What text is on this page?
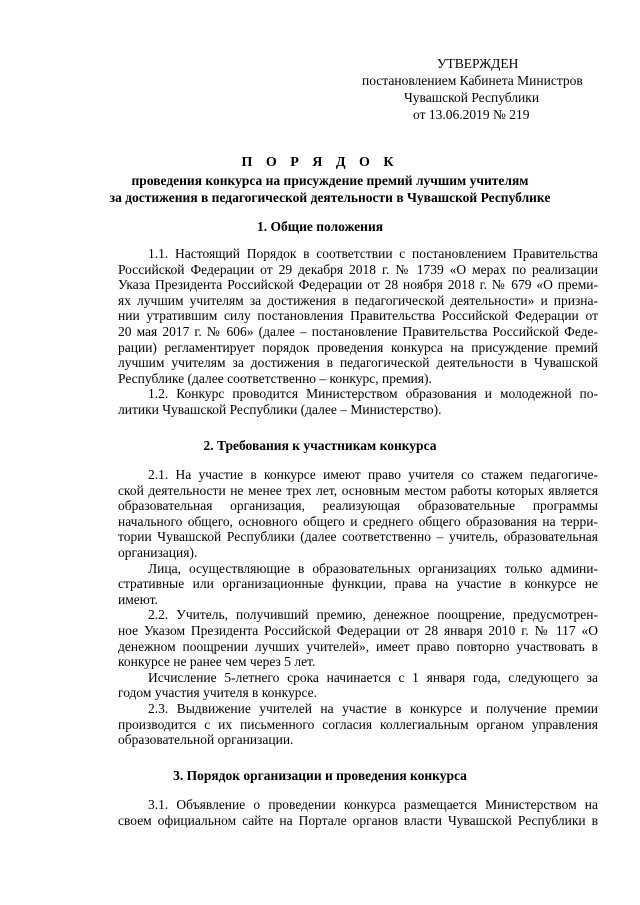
УТВЕРЖДЕН
постановлением Кабинета Министров
Чувашской Республики
от 13.06.2019 № 219
П О Р Я Д О К
проведения конкурса на присуждение премий лучшим учителям
за достижения в педагогической деятельности в Чувашской Республике
1. Общие положения
1.1. Настоящий Порядок в соответствии с постановлением Правительства
Российской Федерации от 29 декабря 2018 г. № 1739 «О мерах по реализации
Указа Президента Российской Федерации от 28 ноября 2018 г. № 679 «О преми-
ях лучшим учителям за достижения в педагогической деятельности» и призна-
нии утратившим силу постановления Правительства Российской Федерации от
20 мая 2017 г. № 606» (далее – постановление Правительства Российской Феде-
рации) регламентирует порядок проведения конкурса на присуждение премий
лучшим учителям за достижения в педагогической деятельности в Чувашской
Республике (далее соответственно – конкурс, премия).
1.2. Конкурс проводится Министерством образования и молодежной по-
литики Чувашской Республики (далее – Министерство).
2. Требования к участникам конкурса
2.1. На участие в конкурсе имеют право учителя со стажем педагогиче-
ской деятельности не менее трех лет, основным местом работы которых является
образовательная организация, реализующая образовательные программы
начального общего, основного общего и среднего общего образования на терри-
тории Чувашской Республики (далее соответственно – учитель, образовательная
организация).
Лица, осуществляющие в образовательных организациях только админи-
стративные или организационные функции, права на участие в конкурсе не
имеют.
2.2. Учитель, получивший премию, денежное поощрение, предусмотрен-
ное Указом Президента Российской Федерации от 28 января 2010 г. № 117 «О
денежном поощрении лучших учителей», имеет право повторно участвовать в
конкурсе не ранее чем через 5 лет.
Исчисление 5-летнего срока начинается с 1 января года, следующего за
годом участия учителя в конкурсе.
2.3. Выдвижение учителей на участие в конкурсе и получение премии
производится с их письменного согласия коллегиальным органом управления
образовательной организации.
3. Порядок организации и проведения конкурса
3.1. Объявление о проведении конкурса размещается Министерством на
своем официальном сайте на Портале органов власти Чувашской Республики в
